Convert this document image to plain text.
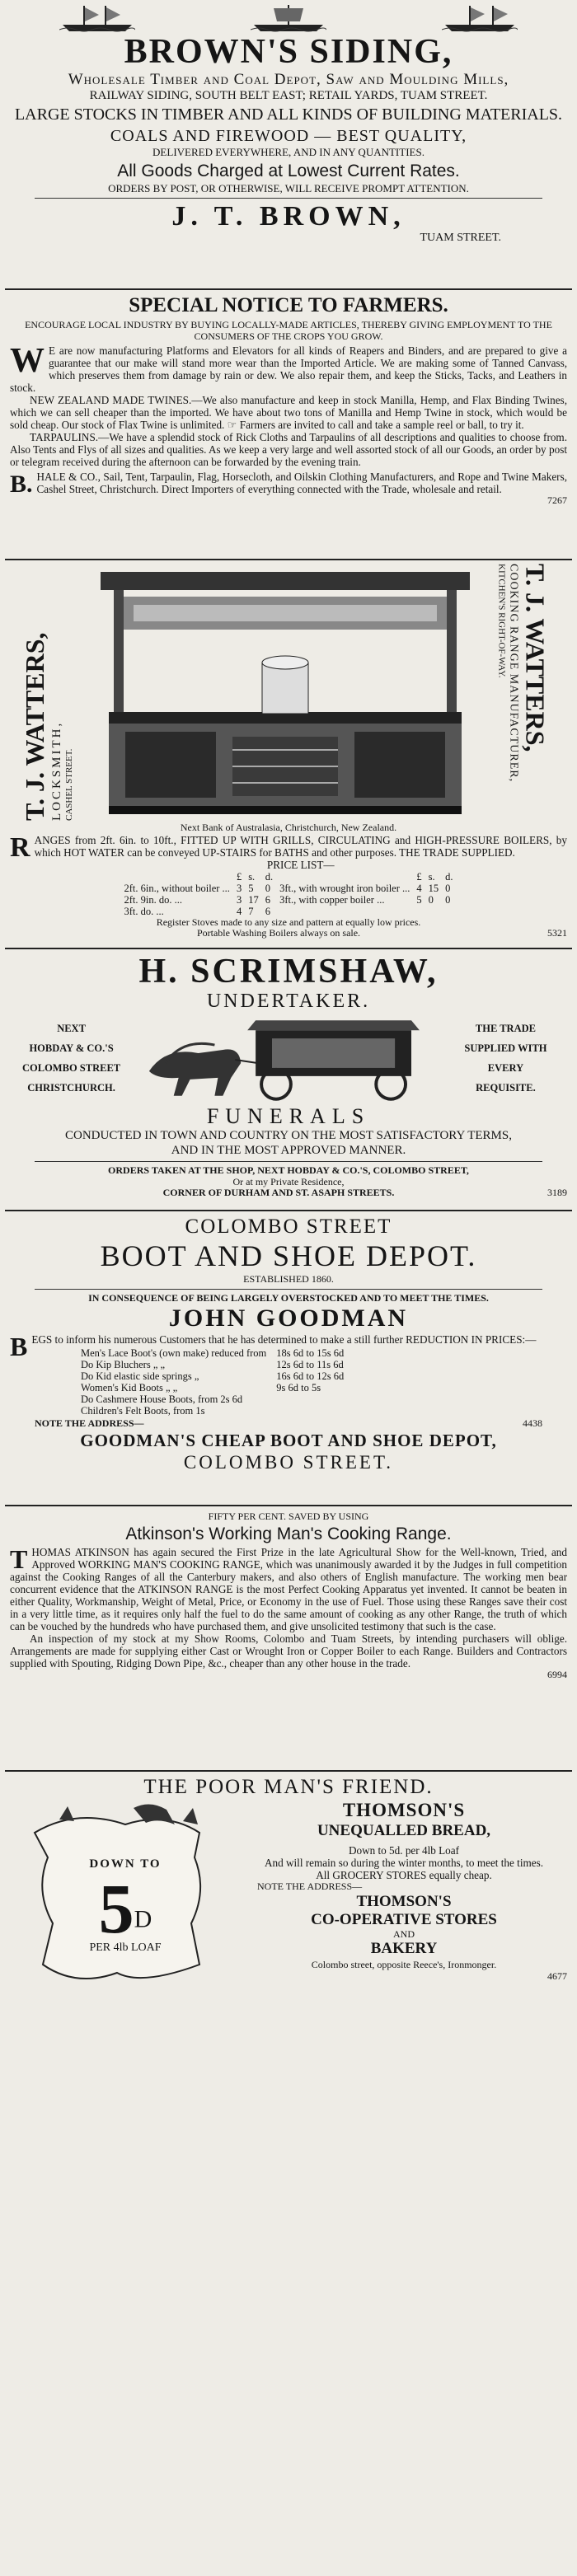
BROWN'S SIDING,
Wholesale Timber and Coal Depot, Saw and Moulding Mills,
RAILWAY SIDING, SOUTH BELT EAST; RETAIL YARDS, TUAM STREET.
LARGE STOCKS IN TIMBER AND ALL KINDS OF BUILDING MATERIALS.
COALS AND FIREWOOD — BEST QUALITY,
DELIVERED EVERYWHERE, AND IN ANY QUANTITIES.
All Goods Charged at Lowest Current Rates.
ORDERS BY POST, OR OTHERWISE, WILL RECEIVE PROMPT ATTENTION.
J. T. BROWN,
TUAM STREET.
SPECIAL NOTICE TO FARMERS.

ENCOURAGE LOCAL INDUSTRY BY BUYING LOCALLY-MADE ARTICLES, THEREBY GIVING EMPLOYMENT TO THE CONSUMERS OF THE CROPS YOU GROW.

W E are now manufacturing Platforms and Elevators for all kinds of Reapers and Binders, and are prepared to give a guarantee that our make will stand more wear than the Imported Article. We are making some of Tanned Canvass, which preserves them from damage by rain or dew. We also repair them, and keep the Sticks, Tacks, and Leathers in stock.

NEW ZEALAND MADE TWINES.—We also manufacture and keep in stock Manilla, Hemp, and Flax Binding Twines, which we can sell cheaper than the imported. We have about two tons of Manilla and Hemp Twine in stock, which would be sold cheap. Our stock of Flax Twine is unlimited. ☞ Farmers are invited to call and take a sample reel or ball, to try it.

TARPAULINS.—We have a splendid stock of Rick Cloths and Tarpaulins of all descriptions and qualities to choose from. Also Tents and Flys of all sizes and qualities. As we keep a very large and well assorted stock of all our Goods, an order by post or telegram received during the afternoon can be forwarded by the evening train.

B. HALE & CO., Sail, Tent, Tarpaulin, Flag, Horsecloth, and Oilskin Clothing Manufacturers, and Rope and Twine Makers, Cashel Street, Christchurch. Direct Importers of everything connected with the Trade, wholesale and retail.

7267
T. J. WATTERS, LOCKSMITH, CASHEL STREET.
KITCHEN'S RIGHT-OF-WAY. COOKING RANGE MANUFACTURER, T. J. WATTERS,
Next Bank of Australasia, Christchurch, New Zealand.

RANGES from 2ft. 6in. to 10ft., FITTED UP WITH GRILLS, CIRCULATING and HIGH-PRESSURE BOILERS, by which HOT WATER can be conveyed UP-STAIRS for BATHS and other purposes. THE TRADE SUPPLIED.

PRICE LIST—
	£	s.	d.		£	s.	d.
2ft. 6in., without boiler ...	3	5	0	3ft., with wrought iron boiler ...	4	15	0
2ft. 9in. do. ...	3	17	6	3ft., with copper boiler ...	5	0	0
3ft. do. ...	4	7	6				
Register Stoves made to any size and pattern at equally low prices.
Portable Washing Boilers always on sale.	5321
H. SCRIMSHAW,
UNDERTAKER.
NEXT
HOBDAY & CO.'S
COLOMBO STREET
CHRISTCHURCH.
THE TRADE
SUPPLIED WITH
EVERY
REQUISITE.
FUNERALS
CONDUCTED IN TOWN AND COUNTRY ON THE MOST SATISFACTORY TERMS,
AND IN THE MOST APPROVED MANNER.
ORDERS TAKEN AT THE SHOP, NEXT HOBDAY & CO.'S, COLOMBO STREET,
Or at my Private Residence,
CORNER OF DURHAM AND ST. ASAPH STREETS.	3189
COLOMBO STREET
BOOT AND SHOE DEPOT.
ESTABLISHED 1860.
IN CONSEQUENCE OF BEING LARGELY OVERSTOCKED AND TO MEET THE TIMES.
JOHN GOODMAN

BEGS to inform his numerous Customers that he has determined to make a still further REDUCTION IN PRICES:—

Men's Lace Boot's (own make) reduced from	18s 6d to 15s 6d
Do Kip Bluchers „ „	12s 6d to 11s 6d
Do Kid elastic side springs „	16s 6d to 12s 6d
Women's Kid Boots „ „	9s 6d to 5s
Do Cashmere House Boots, from 2s 6d	
Children's Felt Boots, from 1s	
NOTE THE ADDRESS—	4438
GOODMAN'S CHEAP BOOT AND SHOE DEPOT,
COLOMBO STREET.
FIFTY PER CENT. SAVED BY USING
Atkinson's Working Man's Cooking Range.

THOMAS ATKINSON has again secured the First Prize in the late Agricultural Show for the Well-known, Tried, and Approved WORKING MAN'S COOKING RANGE, which was unanimously awarded it by the Judges in full competition against the Cooking Ranges of all the Canterbury makers, and also others of English manufacture. The working men bear concurrent evidence that the ATKINSON RANGE is the most Perfect Cooking Apparatus yet invented. It cannot be beaten in either Quality, Workmanship, Weight of Metal, Price, or Economy in the use of Fuel. Those using these Ranges save their cost in a very little time, as it requires only half the fuel to do the same amount of cooking as any other Range, the truth of which can be vouched by the hundreds who have purchased them, and give unsolicited testimony that such is the case.

An inspection of my stock at my Show Rooms, Colombo and Tuam Streets, by intending purchasers will oblige. Arrangements are made for supplying either Cast or Wrought Iron or Copper Boiler to each Range. Builders and Contractors supplied with Spouting, Ridging Down Pipe, &c., cheaper than any other house in the trade.

6994
THE POOR MAN'S FRIEND.
DOWN TO
$5^D$
PER 4lb LOAF
THOMSON'S
UNEQUALLED BREAD,
Down to 5d. per 4lb Loaf
And will remain so during the winter months, to meet the times.
All GROCERY STORES equally cheap.
NOTE THE ADDRESS—
THOMSON'S
CO-OPERATIVE STORES
AND
BAKERY
Colombo street, opposite Reece's, Ironmonger.
4677
